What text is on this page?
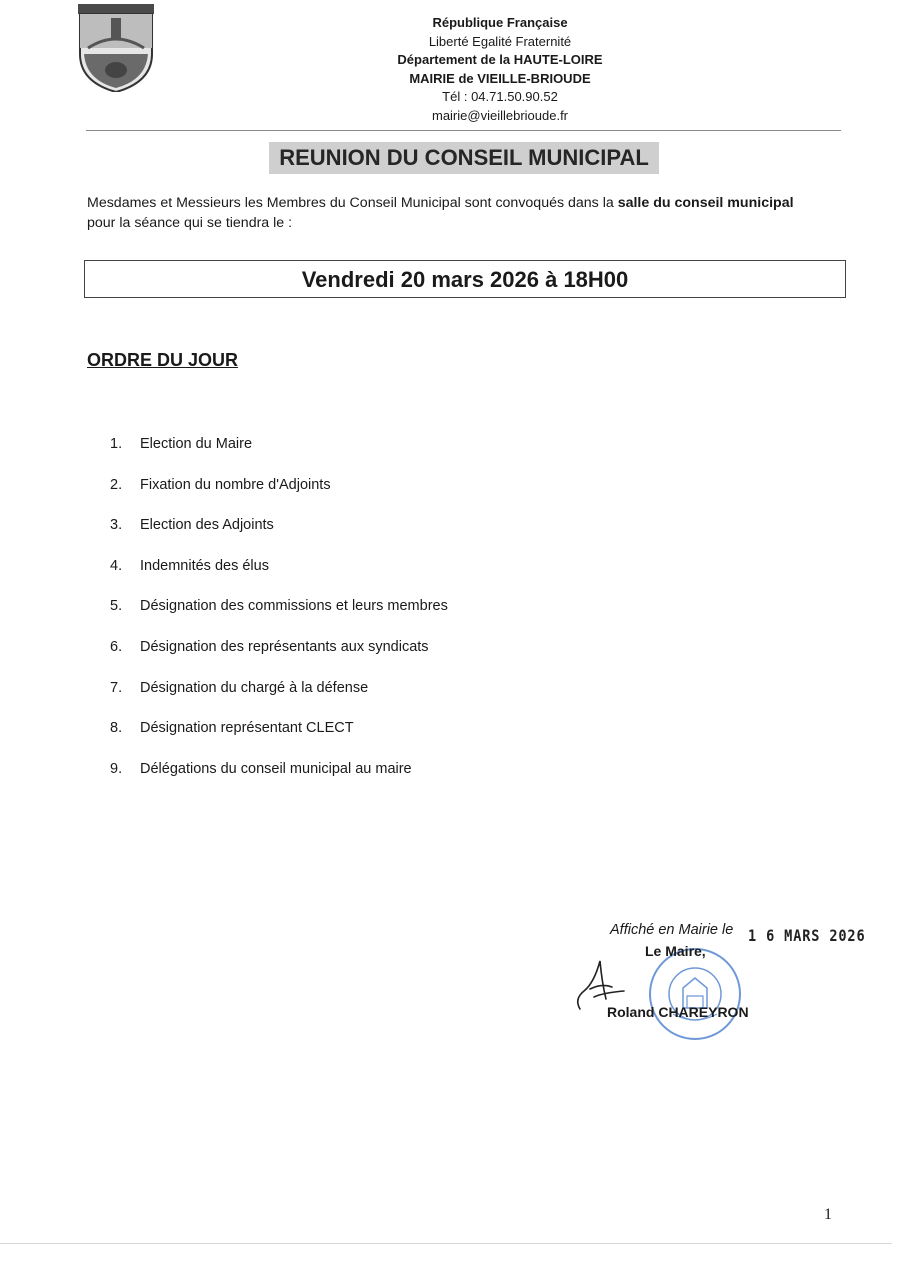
République Française
Liberté Egalité Fraternité
Département de la HAUTE-LOIRE
MAIRIE de VIEILLE-BRIOUDE
Tél : 04.71.50.90.52
mairie@vieillebrioude.fr
REUNION DU CONSEIL MUNICIPAL
Mesdames et Messieurs les Membres du Conseil Municipal sont convoqués dans la salle du conseil municipal
pour la séance qui se tiendra le :
Vendredi 20 mars 2026 à 18H00
ORDRE DU JOUR
1.	Election du Maire
2.	Fixation du nombre d'Adjoints
3.	Election des Adjoints
4.	Indemnités des élus
5.	Désignation des commissions et leurs membres
6.	Désignation des représentants aux syndicats
7.	Désignation du chargé à la défense
8.	Désignation représentant CLECT
9.	Délégations du conseil municipal au maire
Affiché en Mairie le 1 6 MARS 2026
Le Maire,
Roland CHAREYRON
1
